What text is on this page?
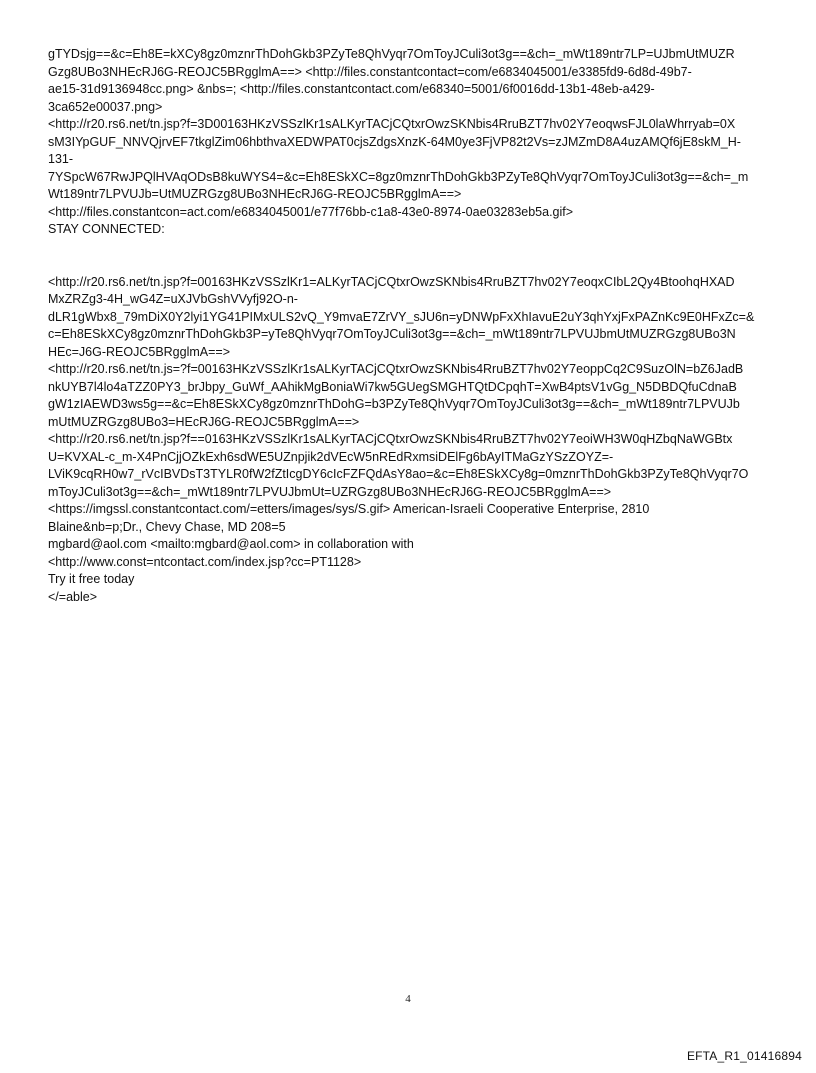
gTYDsjg==&c=Eh8E=kXCy8gz0mznrThDohGkb3PZyTe8QhVyqr7OmToyJCuli3ot3g==&ch=_mWt189ntr7LP=UJbmUtMUZR
Gzg8UBo3NHEcRJ6G-REOJC5BRgglmA==> <http://files.constantcontact=com/e6834045001/e3385fd9-6d8d-49b7-
ae15-31d9136948cc.png> &nbs=; <http://files.constantcontact.com/e68340=5001/6f0016dd-13b1-48eb-a429-
3ca652e00037.png>
<http://r20.rs6.net/tn.jsp?f=3D00163HKzVSSzlKr1sALKyrTACjCQtxrOwzSKNbis4RruBZT7hv02Y7eoqwsFJL0laWhrryab=0X
sM3IYpGUF_NNVQjrvEF7tkglZim06hbthvaXEDWPAT0cjsZdgsXnzK-64M0ye3FjVP82t2Vs=zJMZmD8A4uzAMQf6jE8skM_H-
131-
7YSpcW67RwJPQlHVAqODsB8kuWYS4=&c=Eh8ESkXC=8gz0mznrThDohGkb3PZyTe8QhVyqr7OmToyJCuli3ot3g==&ch=_m
Wt189ntr7LPVUJb=UtMUZRGzg8UBo3NHEcRJ6G-REOJC5BRgglmA==>
<http://files.constantcon=act.com/e6834045001/e77f76bb-c1a8-43e0-8974-0ae03283eb5a.gif>
STAY CONNECTED:
<http://r20.rs6.net/tn.jsp?f=00163HKzVSSzlKr1=ALKyrTACjCQtxrOwzSKNbis4RruBZT7hv02Y7eoqxCIbL2Qy4BtoohqHXAD
MxZRZg3-4H_wG4Z=uXJVbGshVVyfj92O-n-
dLR1gWbx8_79mDiX0Y2lyi1YG41PIMxULS2vQ_Y9mvaE7ZrVY_sJU6n=yDNWpFxXhIavuE2uY3qhYxjFxPAZnKc9E0HFxZc=&
c=Eh8ESkXCy8gz0mznrThDohGkb3P=yTe8QhVyqr7OmToyJCuli3ot3g==&ch=_mWt189ntr7LPVUJbmUtMUZRGzg8UBo3N
HEc=J6G-REOJC5BRgglmA==>
<http://r20.rs6.net/tn.js=?f=00163HKzVSSzlKr1sALKyrTACjCQtxrOwzSKNbis4RruBZT7hv02Y7eoppCq2C9SuzOlN=bZ6JadB
nkUYB7l4lo4aTZZ0PY3_brJbpy_GuWf_AAhikMgBoniaWi7kw5GUegSMGHTQtDCpqhT=XwB4ptsV1vGg_N5DBDQfuCdnaB
gW1zIAEWD3ws5g==&c=Eh8ESkXCy8gz0mznrThDohG=b3PZyTe8QhVyqr7OmToyJCuli3ot3g==&ch=_mWt189ntr7LPVUJb
mUtMUZRGzg8UBo3=HEcRJ6G-REOJC5BRgglmA==>
<http://r20.rs6.net/tn.jsp?f==0163HKzVSSzlKr1sALKyrTACjCQtxrOwzSKNbis4RruBZT7hv02Y7eoiWH3W0qHZbqNaWGBtx
U=KVXAL-c_m-X4PnCjjOZkExh6sdWE5UZnpjik2dVEcW5nREdRxmsiDElFg6bAyITMaGzYSzZOYZ=-
LViK9cqRH0w7_rVcIBVDsT3TYLR0fW2fZtIcgDY6cIcFZFQdAsY8ao=&c=Eh8ESkXCy8g=0mznrThDohGkb3PZyTe8QhVyqr7O
mToyJCuli3ot3g==&ch=_mWt189ntr7LPVUJbmUt=UZRGzg8UBo3NHEcRJ6G-REOJC5BRgglmA==>
<https://imgssl.constantcontact.com/=etters/images/sys/S.gif> American-Israeli Cooperative Enterprise, 2810
Blaine&nb=p;Dr., Chevy Chase, MD 208=5
mgbard@aol.com <mailto:mgbard@aol.com> in collaboration with
<http://www.const=ntcontact.com/index.jsp?cc=PT1128>
Try it free today
</=able>
4
EFTA_R1_01416894
